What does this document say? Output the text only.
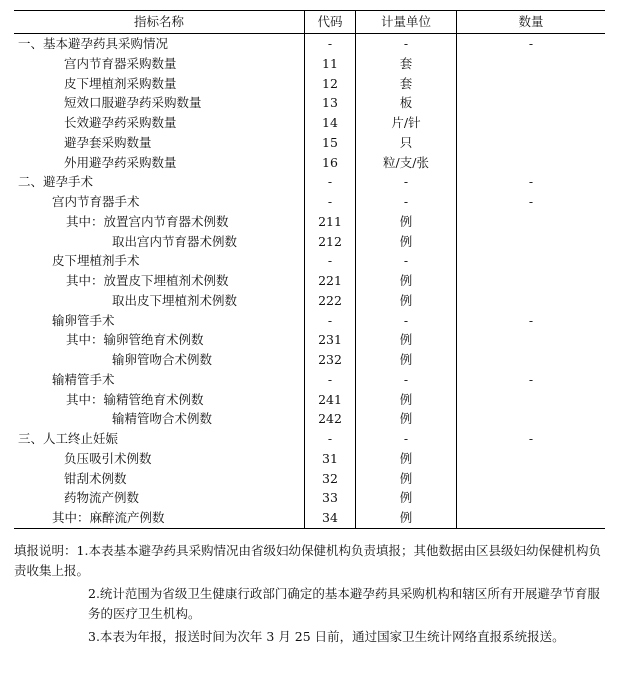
指标名称	代码	计量单位	数量
一、基本避孕药具采购情况	-	-	-
宫内节育器采购数量	11	套	
皮下埋植剂采购数量	12	套	
短效口服避孕药采购数量	13	板	
长效避孕药采购数量	14	片/针	
避孕套采购数量	15	只	
外用避孕药采购数量	16	粒/支/张	
二、避孕手术	-	-	-
宫内节育器手术	-	-	-
其中：放置宫内节育器术例数	211	例	
取出宫内节育器术例数	212	例	
皮下埋植剂手术	-	-	
其中：放置皮下埋植剂术例数	221	例	
取出皮下埋植剂术例数	222	例	
输卵管手术	-	-	-
其中：输卵管绝育术例数	231	例	
输卵管吻合术例数	232	例	
输精管手术	-	-	-
其中：输精管绝育术例数	241	例	
输精管吻合术例数	242	例	
三、人工终止妊娠	-	-	-
负压吸引术例数	31	例	
钳刮术例数	32	例	
药物流产例数	33	例	
其中：麻醉流产例数	34	例	

填报说明：1.本表基本避孕药具采购情况由省级妇幼保健机构负责填报；其他数据由区县级妇幼保健机构负责收集上报。

2.统计范围为省级卫生健康行政部门确定的基本避孕药具采购机构和辖区所有开展避孕节育服务的医疗卫生机构。

3.本表为年报，报送时间为次年 3 月 25 日前，通过国家卫生统计网络直报系统报送。
